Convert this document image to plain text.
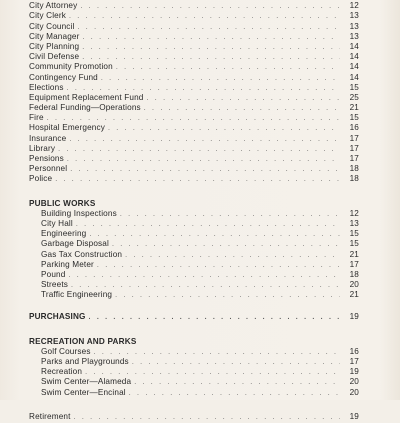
. . .
City Attorney . . .	12
City Clerk . . .	13
City Council . . .	13
City Manager . . .	13
City Planning . . .	14
Civil Defense . . .	14
Community Promotion . . .	14
Contingency Fund . . .	14
Elections . . .	15
Equipment Replacement Fund . . .	25
Federal Funding—Operations . . .	21
Fire . . .	15
Hospital Emergency . . .	16
Insurance . . .	17
Library . . .	17
Pensions . . .	17
Personnel . . .	18
Police . . .	18
PUBLIC WORKS
Building Inspections . . .	12
City Hall . . .	13
Engineering . . .	15
Garbage Disposal . . .	15
Gas Tax Construction . . .	21
Parking Meter . . .	17
Pound . . .	18
Streets . . .	20
Traffic Engineering . . .	21
PURCHASING . . .	19
RECREATION AND PARKS
Golf Courses . . .	16
Parks and Playgrounds . . .	17
Recreation . . .	19
Swim Center—Alameda . . .	20
Swim Center—Encinal . . .	20
Retirement . . .	19
